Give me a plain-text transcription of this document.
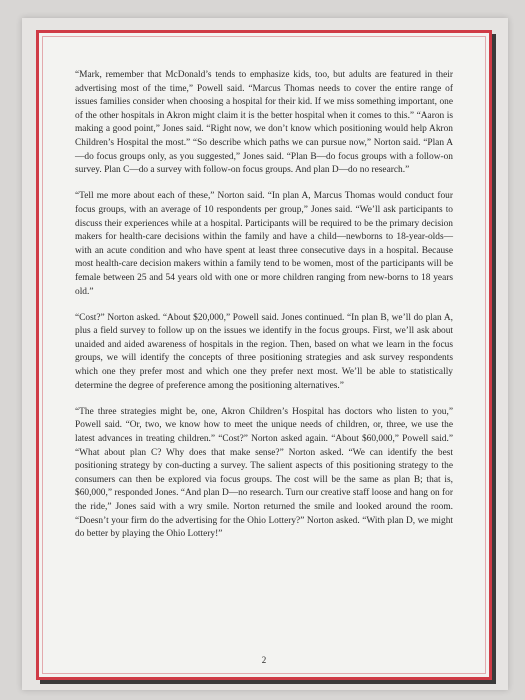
“Mark, remember that McDonald’s tends to emphasize kids, too, but adults are featured in their advertising most of the time,” Powell said. “Marcus Thomas needs to cover the entire range of issues families consider when choosing a hospital for their kid. If we miss something important, one of the other hospitals in Akron might claim it is the better hospital when it comes to this.” “Aaron is making a good point,” Jones said. “Right now, we don’t know which positioning would help Akron Children’s Hospital the most.” “So describe which paths we can pursue now,” Norton said. “Plan A—do focus groups only, as you suggested,” Jones said. “Plan B—do focus groups with a follow-on survey. Plan C—do a survey with follow-on focus groups. And plan D—do no research.”

“Tell me more about each of these,” Norton said. “In plan A, Marcus Thomas would conduct four focus groups, with an average of 10 respondents per group,” Jones said. “We’ll ask participants to discuss their experiences while at a hospital. Participants will be required to be the primary decision makers for health-care decisions within the family and have a child—newborns to 18-year-olds—with an acute condition and who have spent at least three consecutive days in a hospital. Because most health-care decision makers within a family tend to be women, most of the participants will be female between 25 and 54 years old with one or more children ranging from new-borns to 18 years old.”

“Cost?” Norton asked. “About $20,000,” Powell said. Jones continued. “In plan B, we’ll do plan A, plus a field survey to follow up on the issues we identify in the focus groups. First, we’ll ask about unaided and aided awareness of hospitals in the region. Then, based on what we learn in the focus groups, we will identify the concepts of three positioning strategies and ask survey respondents which one they prefer most and which one they prefer next most. We’ll be able to statistically determine the degree of preference among the positioning alternatives.”

“The three strategies might be, one, Akron Children’s Hospital has doctors who listen to you,” Powell said. “Or, two, we know how to meet the unique needs of children, or, three, we use the latest advances in treating children.” “Cost?” Norton asked again. “About $60,000,” Powell said.” “What about plan C? Why does that make sense?” Norton asked. “We can identify the best positioning strategy by con-ducting a survey. The salient aspects of this positioning strategy to the consumers can then be explored via focus groups. The cost will be the same as plan B; that is, $60,000,” responded Jones. “And plan D—no research. Turn our creative staff loose and hang on for the ride,” Jones said with a wry smile. Norton returned the smile and looked around the room. “Doesn’t your firm do the advertising for the Ohio Lottery?” Norton asked. “With plan D, we might do better by playing the Ohio Lottery!”

2
